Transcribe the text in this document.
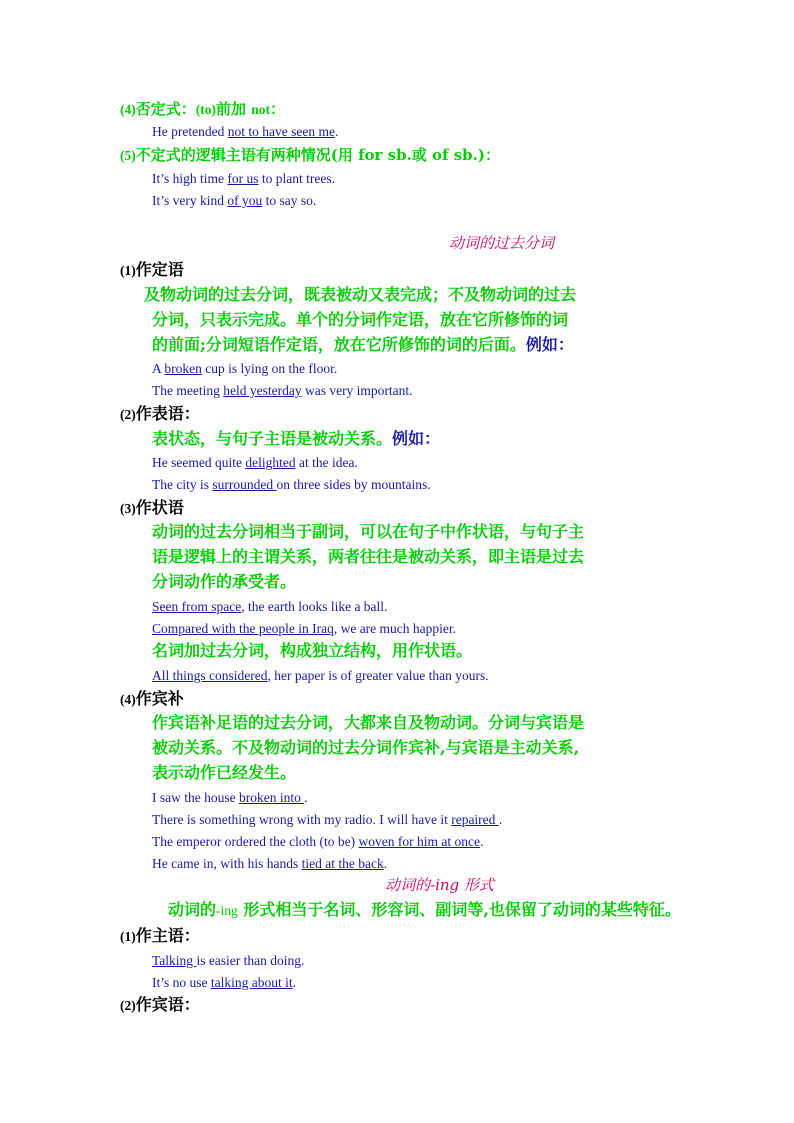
(4)否定式：(to)前加 not：
He pretended not to have seen me.
(5)不定式的逻辑主语有两种情况(用 for sb.或 of sb.)：
It’s high time for us to plant trees.
It’s very kind of you to say so.
动词的过去分词
(1)作定语
及物动词的过去分词，既表被动又表完成；不及物动词的过去
分词，只表示完成。单个的分词作定语，放在它所修饰的词
的前面;分词短语作定语，放在它所修饰的词的后面。例如：
A broken cup is lying on the floor.
The meeting held yesterday was very important.
(2)作表语：
表状态，与句子主语是被动关系。例如：
He seemed quite delighted at the idea.
The city is surrounded on three sides by mountains.
(3)作状语
动词的过去分词相当于副词，可以在句子中作状语，与句子主
语是逻辑上的主谓关系，两者往往是被动关系，即主语是过去
分词动作的承受者。
Seen from space, the earth looks like a ball.
Compared with the people in Iraq, we are much happier.
名词加过去分词，构成独立结构，用作状语。
All things considered, her paper is of greater value than yours.
(4)作宾补
作宾语补足语的过去分词，大都来自及物动词。分词与宾语是
被动关系。不及物动词的过去分词作宾补,与宾语是主动关系,
表示动作已经发生。
I saw the house broken into .
There is something wrong with my radio. I will have it repaired .
The emperor ordered the cloth (to be) woven for him at once.
He came in, with his hands tied at the back.
动词的-ing 形式
动词的-ing 形式相当于名词、形容词、副词等,也保留了动词的某些特征。
(1)作主语：
Talking is easier than doing.
It’s no use talking about it.
(2)作宾语：
